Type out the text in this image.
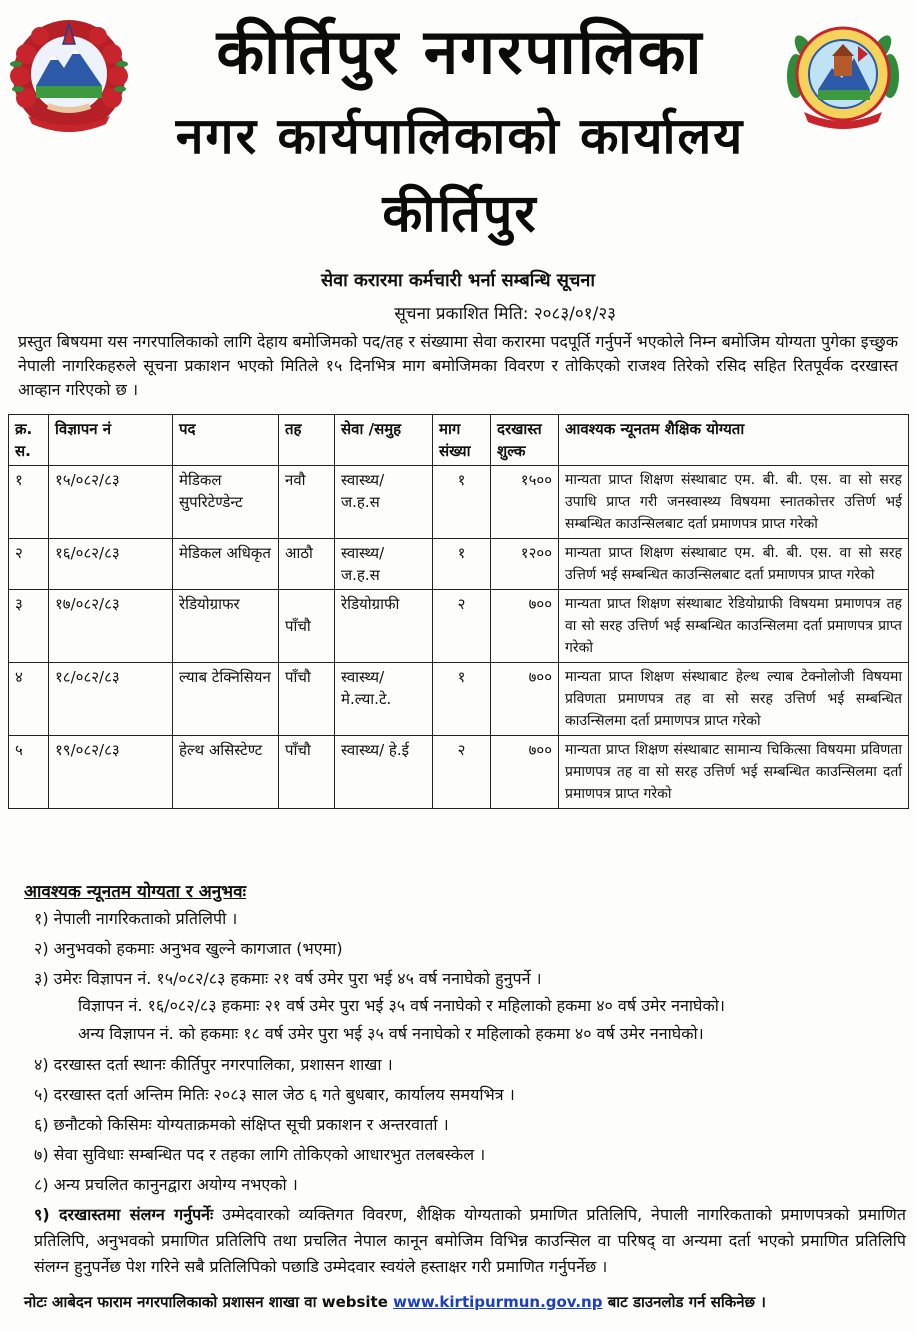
कीर्तिपुर नगरपालिका
नगर कार्यपालिकाको कार्यालय
कीर्तिपुर
सेवा करारमा कर्मचारी भर्ना सम्बन्धि सूचना
सूचना प्रकाशित मिति: २०८३/०१/२३
प्रस्तुत बिषयमा यस नगरपालिकाको लागि देहाय बमोजिमको पद/तह र संख्यामा सेवा करारमा पदपूर्ति गर्नुपर्ने भएकोले निम्न बमोजिम योग्यता पुगेका इच्छुक नेपाली नागरिकहरुले सूचना प्रकाशन भएको मितिले १५ दिनभित्र माग बमोजिमका विवरण र तोकिएको राजश्व तिरेको रसिद सहित रितपूर्वक दरखास्त आव्हान गरिएको छ ।
क्र. स.	विज्ञापन नं	पद	तह	सेवा /समुह	माग संख्या	दरखास्त शुल्क	आवश्यक न्यूनतम शैक्षिक योग्यता
१	१५/०८२/८३	मेडिकल सुपरिटेण्डेन्ट	नवौ	स्वास्थ्य/ ज.ह.स	१	१५००	मान्यता प्राप्त शिक्षण संस्थाबाट एम. बी. बी. एस. वा सो सरह उपाधि प्राप्त गरी जनस्वास्थ्य विषयमा स्नातकोत्तर उत्तिर्ण भई सम्बन्धित काउन्सिलबाट दर्ता प्रमाणपत्र प्राप्त गरेको
२	१६/०८२/८३	मेडिकल अधिकृत	आठौ	स्वास्थ्य/ ज.ह.स	१	१२००	मान्यता प्राप्त शिक्षण संस्थाबाट एम. बी. बी. एस. वा सो सरह उत्तिर्ण भई सम्बन्धित काउन्सिलबाट दर्ता प्रमाणपत्र प्राप्त गरेको
३	१७/०८२/८३	रेडियोग्राफर	पाँचौ	रेडियोग्राफी	२	७००	मान्यता प्राप्त शिक्षण संस्थाबाट रेडियोग्राफी विषयमा प्रमाणपत्र तह वा सो सरह उत्तिर्ण भई सम्बन्धित काउन्सिलमा दर्ता प्रमाणपत्र प्राप्त गरेको
४	१८/०८२/८३	ल्याब टेक्निसियन	पाँचौ	स्वास्थ्य/ मे.ल्या.टे.	१	७००	मान्यता प्राप्त शिक्षण संस्थाबाट हेल्थ ल्याब टेक्नोलोजी विषयमा प्रविणता प्रमाणपत्र तह वा सो सरह उत्तिर्ण भई सम्बन्धित काउन्सिलमा दर्ता प्रमाणपत्र प्राप्त गरेको
५	१९/०८२/८३	हेल्थ असिस्टेण्ट	पाँचौ	स्वास्थ्य/ हे.ई	२	७००	मान्यता प्राप्त शिक्षण संस्थाबाट सामान्य चिकित्सा विषयमा प्रविणता प्रमाणपत्र तह वा सो सरह उत्तिर्ण भई सम्बन्धित काउन्सिलमा दर्ता प्रमाणपत्र प्राप्त गरेको
आवश्यक न्यूनतम योग्यता र अनुभवः
१) नेपाली नागरिकताको प्रतिलिपी ।
२) अनुभवको हकमाः अनुभव खुल्ने कागजात (भएमा)
३) उमेरः विज्ञापन नं. १५/०८२/८३ हकमाः २१ वर्ष उमेर पुरा भई ४५ वर्ष ननाघेको हुनुपर्ने ।
विज्ञापन नं. १६/०८२/८३ हकमाः २१ वर्ष उमेर पुरा भई ३५ वर्ष ननाघेको र महिलाको हकमा ४० वर्ष उमेर ननाघेको।
अन्य विज्ञापन नं. को हकमाः १८ वर्ष उमेर पुरा भई ३५ वर्ष ननाघेको र महिलाको हकमा ४० वर्ष उमेर ननाघेको।
४) दरखास्त दर्ता स्थानः कीर्तिपुर नगरपालिका, प्रशासन शाखा ।
५) दरखास्त दर्ता अन्तिम मितिः २०८३ साल जेठ ६ गते बुधबार, कार्यालय समयभित्र ।
६) छनौटको किसिमः योग्यताक्रमको संक्षिप्त सूची प्रकाशन र अन्तरवार्ता ।
७) सेवा सुविधाः सम्बन्धित पद र तहका लागि तोकिएको आधारभुत तलबस्केल ।
८) अन्य प्रचलित कानुनद्वारा अयोग्य नभएको ।
९) दरखास्तमा संलग्न गर्नुपर्नेः उम्मेदवारको व्यक्तिगत विवरण, शैक्षिक योग्यताको प्रमाणित प्रतिलिपि, नेपाली नागरिकताको प्रमाणपत्रको प्रमाणित प्रतिलिपि, अनुभवको प्रमाणित प्रतिलिपि तथा प्रचलित नेपाल कानून बमोजिम विभिन्न काउन्सिल वा परिषद् वा अन्यमा दर्ता भएको प्रमाणित प्रतिलिपि संलग्न हुनुपर्नेछ पेश गरिने सबै प्रतिलिपिको पछाडि उम्मेदवार स्वयंले हस्ताक्षर गरी प्रमाणित गर्नुपर्नेछ ।
नोटः आबेदन फाराम नगरपालिकाको प्रशासन शाखा वा website www.kirtipurmun.gov.np बाट डाउनलोड गर्न सकिनेछ ।
